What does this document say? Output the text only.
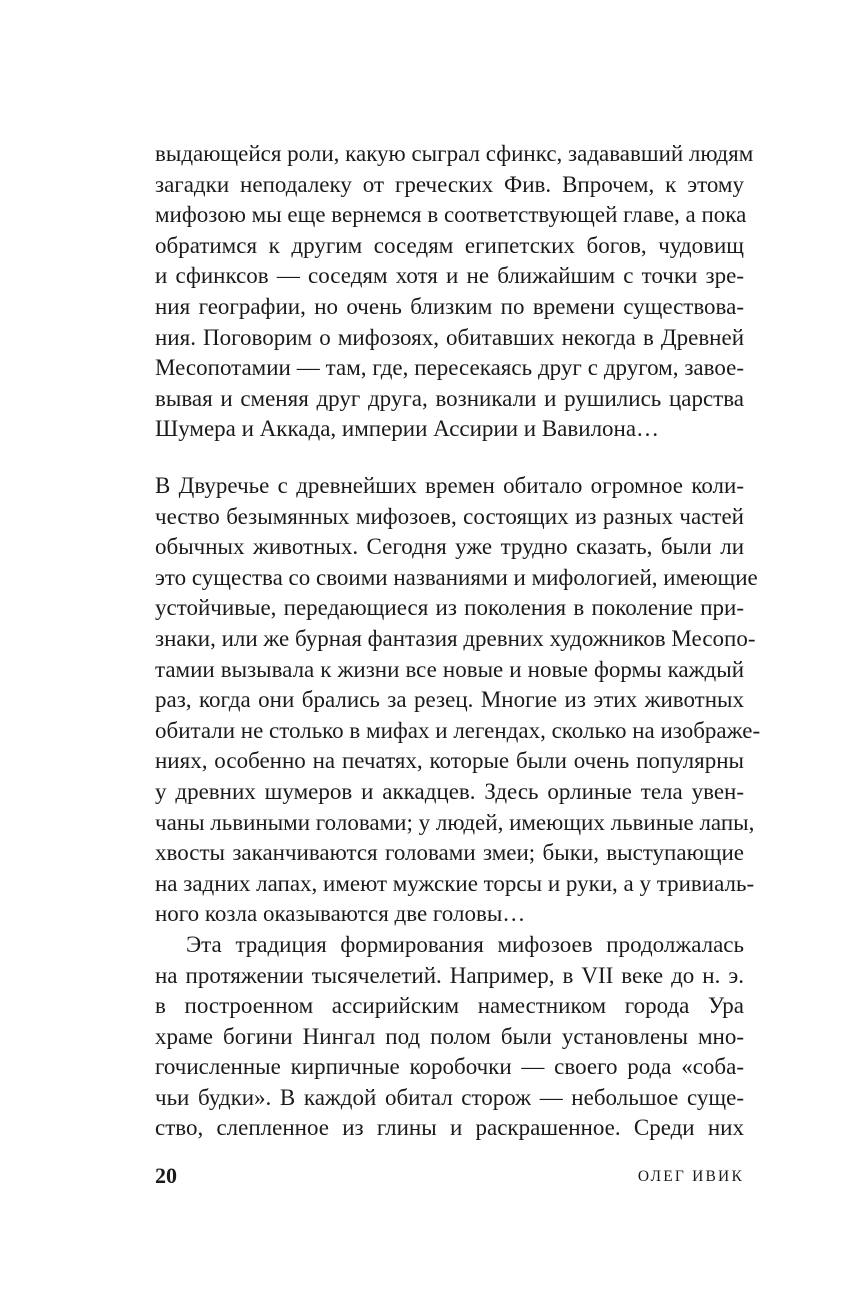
выдающейся роли, какую сыграл сфинкс, задававший людям
загадки неподалеку от греческих Фив. Впрочем, к этому
мифозою мы еще вернемся в соответствующей главе, а пока
обратимся к другим соседям египетских богов, чудовищ
и сфинксов — соседям хотя и не ближайшим с точки зре-
ния географии, но очень близким по времени существова-
ния. Поговорим о мифозоях, обитавших некогда в Древней
Месопотамии — там, где, пересекаясь друг с другом, завое-
вывая и сменяя друг друга, возникали и рушились царства
Шумера и Аккада, империи Ассирии и Вавилона…
В Двуречье с древнейших времен обитало огромное коли-
чество безымянных мифозоев, состоящих из разных частей
обычных животных. Сегодня уже трудно сказать, были ли
это существа со своими названиями и мифологией, имеющие
устойчивые, передающиеся из поколения в поколение при-
знаки, или же бурная фантазия древних художников Месопо-
тамии вызывала к жизни все новые и новые формы каждый
раз, когда они брались за резец. Многие из этих животных
обитали не столько в мифах и легендах, сколько на изображе-
ниях, особенно на печатях, которые были очень популярны
у древних шумеров и аккадцев. Здесь орлиные тела увен-
чаны львиными головами; у людей, имеющих львиные лапы,
хвосты заканчиваются головами змеи; быки, выступающие
на задних лапах, имеют мужские торсы и руки, а у тривиаль-
ного козла оказываются две головы…
Эта традиция формирования мифозоев продолжалась
на протяжении тысячелетий. Например, в VII веке до н. э.
в построенном ассирийским наместником города Ура
храме богини Нингал под полом были установлены мно-
гочисленные кирпичные коробочки — своего рода «соба-
чьи будки». В каждой обитал сторож — небольшое суще-
ство, слепленное из глины и раскрашенное. Среди них
20	ОЛЕГ ИВИК
